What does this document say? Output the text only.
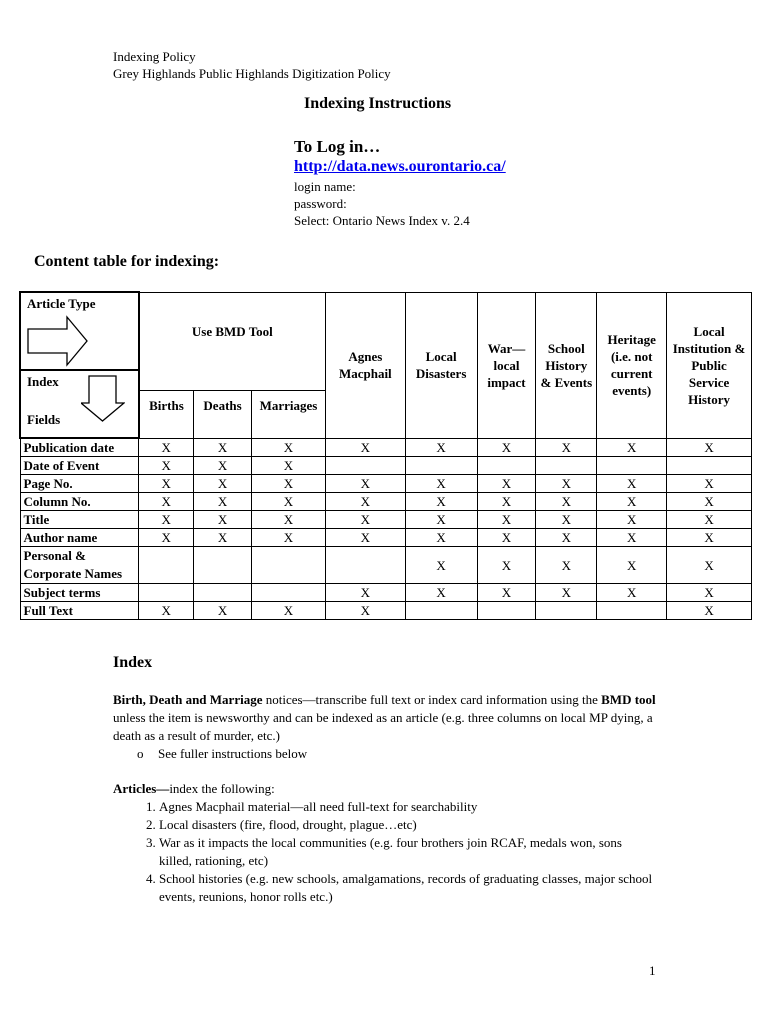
Indexing Policy
Grey Highlands Public Highlands Digitization Policy
Indexing Instructions
To Log in…
http://data.news.ourontario.ca/
login name:
password:
Select: Ontario News Index v. 2.4
Content table for indexing:
Article Type
Index
Fields	Use BMD Tool			Agnes Macphail	Local Disasters	War— local impact	School History & Events	Heritage (i.e. not current events)	Local Institution & Public Service History
	Births	Deaths	Marriages						
Publication date	X	X	X	X	X	X	X	X	X
Date of Event	X	X	X						
Page No.	X	X	X	X	X	X	X	X	X
Column No.	X	X	X	X	X	X	X	X	X
Title	X	X	X	X	X	X	X	X	X
Author name	X	X	X	X	X	X	X	X	X
Personal & Corporate Names					X	X	X	X	X
Subject terms				X	X	X	X	X	X
Full Text	X	X	X	X					X
Index
Birth, Death and Marriage notices—transcribe full text or index card information using the BMD tool unless the item is newsworthy and can be indexed as an article (e.g. three columns on local MP dying, a death as a result of murder, etc.)
o See fuller instructions below
Articles—index the following:
1. Agnes Macphail material—all need full-text for searchability
2. Local disasters (fire, flood, drought, plague…etc)
3. War as it impacts the local communities (e.g. four brothers join RCAF, medals won, sons killed, rationing, etc)
4. School histories (e.g. new schools, amalgamations, records of graduating classes, major school events, reunions, honor rolls etc.)
1
